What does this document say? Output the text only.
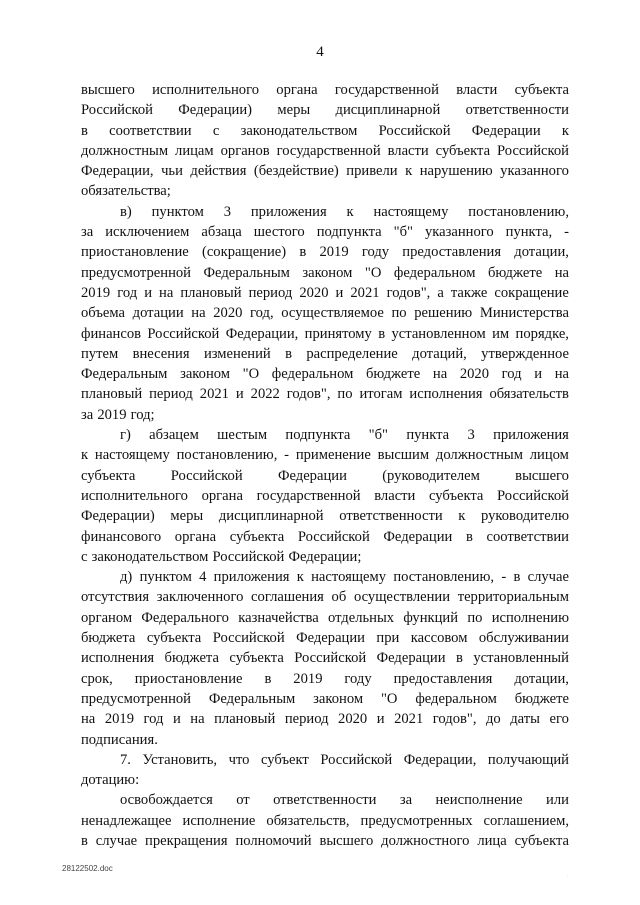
4
высшего исполнительного органа государственной власти субъекта
Российской Федерации) меры дисциплинарной ответственности
в соответствии с законодательством Российской Федерации к
должностным лицам органов государственной власти субъекта Российской
Федерации, чьи действия (бездействие) привели к нарушению указанного
обязательства;
в) пунктом 3 приложения к настоящему постановлению,
за исключением абзаца шестого подпункта "б" указанного пункта, -
приостановление (сокращение) в 2019 году предоставления дотации,
предусмотренной Федеральным законом "О федеральном бюджете на
2019 год и на плановый период 2020 и 2021 годов", а также сокращение
объема дотации на 2020 год, осуществляемое по решению Министерства
финансов Российской Федерации, принятому в установленном им порядке,
путем внесения изменений в распределение дотаций, утвержденное
Федеральным законом "О федеральном бюджете на 2020 год и на
плановый период 2021 и 2022 годов", по итогам исполнения обязательств
за 2019 год;
г) абзацем шестым подпункта "б" пункта 3 приложения
к настоящему постановлению, - применение высшим должностным лицом
субъекта Российской Федерации (руководителем высшего
исполнительного органа государственной власти субъекта Российской
Федерации) меры дисциплинарной ответственности к руководителю
финансового органа субъекта Российской Федерации в соответствии
с законодательством Российской Федерации;
д) пунктом 4 приложения к настоящему постановлению, - в случае
отсутствия заключенного соглашения об осуществлении территориальным
органом Федерального казначейства отдельных функций по исполнению
бюджета субъекта Российской Федерации при кассовом обслуживании
исполнения бюджета субъекта Российской Федерации в установленный
срок, приостановление в 2019 году предоставления дотации,
предусмотренной Федеральным законом "О федеральном бюджете
на 2019 год и на плановый период 2020 и 2021 годов", до даты его
подписания.
7. Установить, что субъект Российской Федерации, получающий
дотацию:
освобождается от ответственности за неисполнение или
ненадлежащее исполнение обязательств, предусмотренных соглашением,
в случае прекращения полномочий высшего должностного лица субъекта
28122502.doc
.
